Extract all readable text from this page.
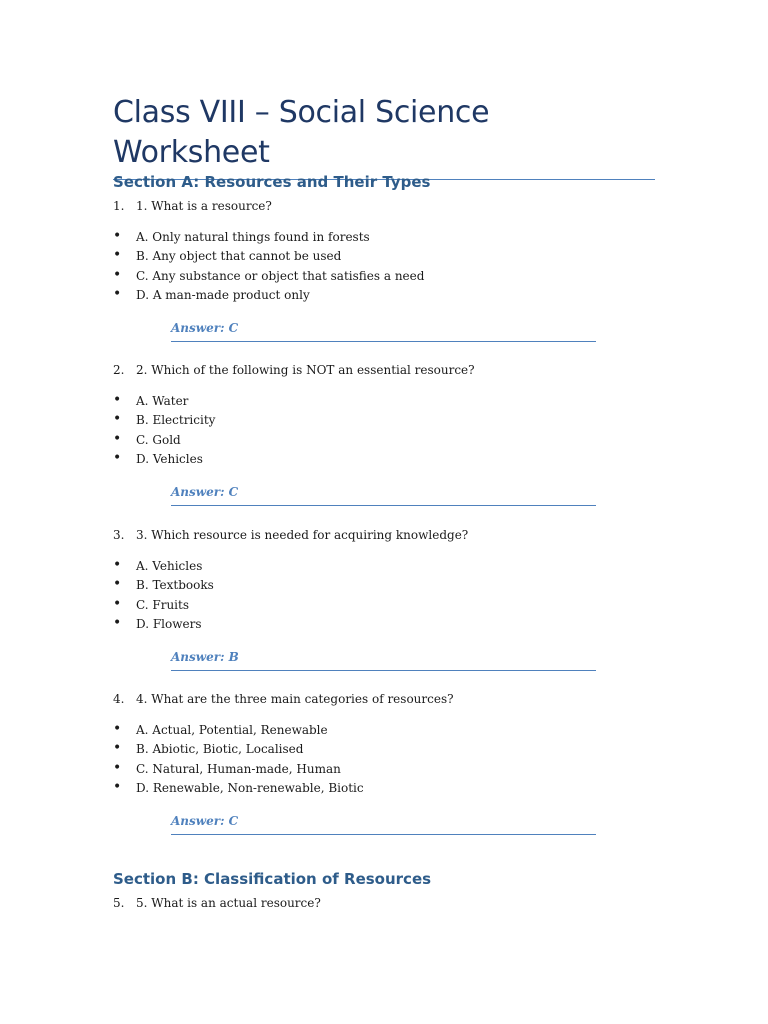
Class VIII – Social Science Worksheet
Section A: Resources and Their Types
1. 1. What is a resource?
• A. Only natural things found in forests
• B. Any object that cannot be used
• C. Any substance or object that satisfies a need
• D. A man-made product only
Answer: C
2. 2. Which of the following is NOT an essential resource?
• A. Water
• B. Electricity
• C. Gold
• D. Vehicles
Answer: C
3. 3. Which resource is needed for acquiring knowledge?
• A. Vehicles
• B. Textbooks
• C. Fruits
• D. Flowers
Answer: B
4. 4. What are the three main categories of resources?
• A. Actual, Potential, Renewable
• B. Abiotic, Biotic, Localised
• C. Natural, Human-made, Human
• D. Renewable, Non-renewable, Biotic
Answer: C
Section B: Classification of Resources
5. 5. What is an actual resource?
